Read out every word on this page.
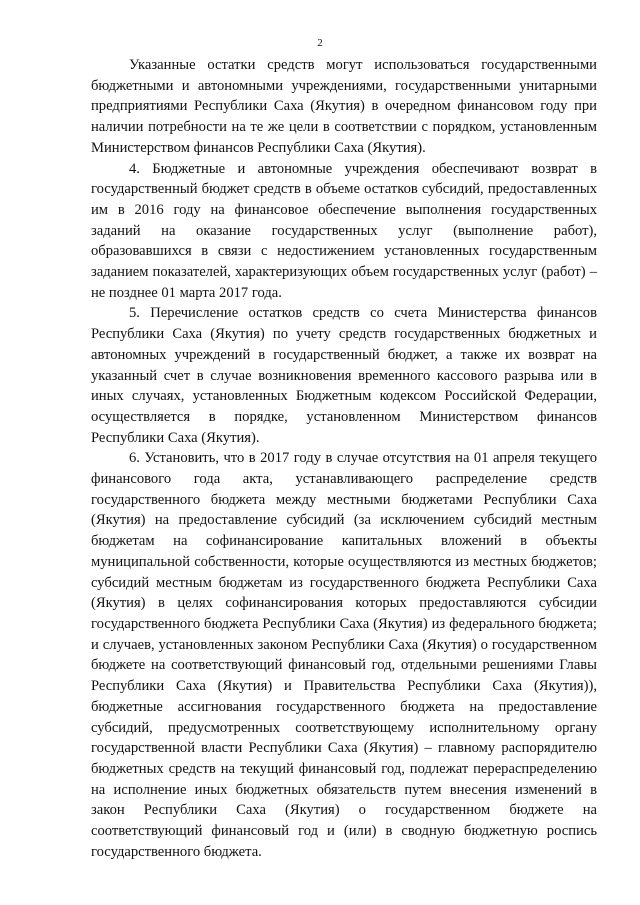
2

Указанные остатки средств могут использоваться государственными бюджетными и автономными учреждениями, государственными унитарными предприятиями Республики Саха (Якутия) в очередном финансовом году при наличии потребности на те же цели в соответствии с порядком, установленным Министерством финансов Республики Саха (Якутия).

4. Бюджетные и автономные учреждения обеспечивают возврат в государственный бюджет средств в объеме остатков субсидий, предоставленных им в 2016 году на финансовое обеспечение выполнения государственных заданий на оказание государственных услуг (выполнение работ), образовавшихся в связи с недостижением установленных государственным заданием показателей, характеризующих объем государственных услуг (работ) – не позднее 01 марта 2017 года.

5. Перечисление остатков средств со счета Министерства финансов Республики Саха (Якутия) по учету средств государственных бюджетных и автономных учреждений в государственный бюджет, а также их возврат на указанный счет в случае возникновения временного кассового разрыва или в иных случаях, установленных Бюджетным кодексом Российской Федерации, осуществляется в порядке, установленном Министерством финансов Республики Саха (Якутия).

6. Установить, что в 2017 году в случае отсутствия на 01 апреля текущего финансового года акта, устанавливающего распределение средств государственного бюджета между местными бюджетами Республики Саха (Якутия) на предоставление субсидий (за исключением субсидий местным бюджетам на софинансирование капитальных вложений в объекты муниципальной собственности, которые осуществляются из местных бюджетов; субсидий местным бюджетам из государственного бюджета Республики Саха (Якутия) в целях софинансирования которых предоставляются субсидии государственного бюджета Республики Саха (Якутия) из федерального бюджета; и случаев, установленных законом Республики Саха (Якутия) о государственном бюджете на соответствующий финансовый год, отдельными решениями Главы Республики Саха (Якутия) и Правительства Республики Саха (Якутия)), бюджетные ассигнования государственного бюджета на предоставление субсидий, предусмотренных соответствующему исполнительному органу государственной власти Республики Саха (Якутия) – главному распорядителю бюджетных средств на текущий финансовый год, подлежат перераспределению на исполнение иных бюджетных обязательств путем внесения изменений в закон Республики Саха (Якутия) о государственном бюджете на соответствующий финансовый год и (или) в сводную бюджетную роспись государственного бюджета.
